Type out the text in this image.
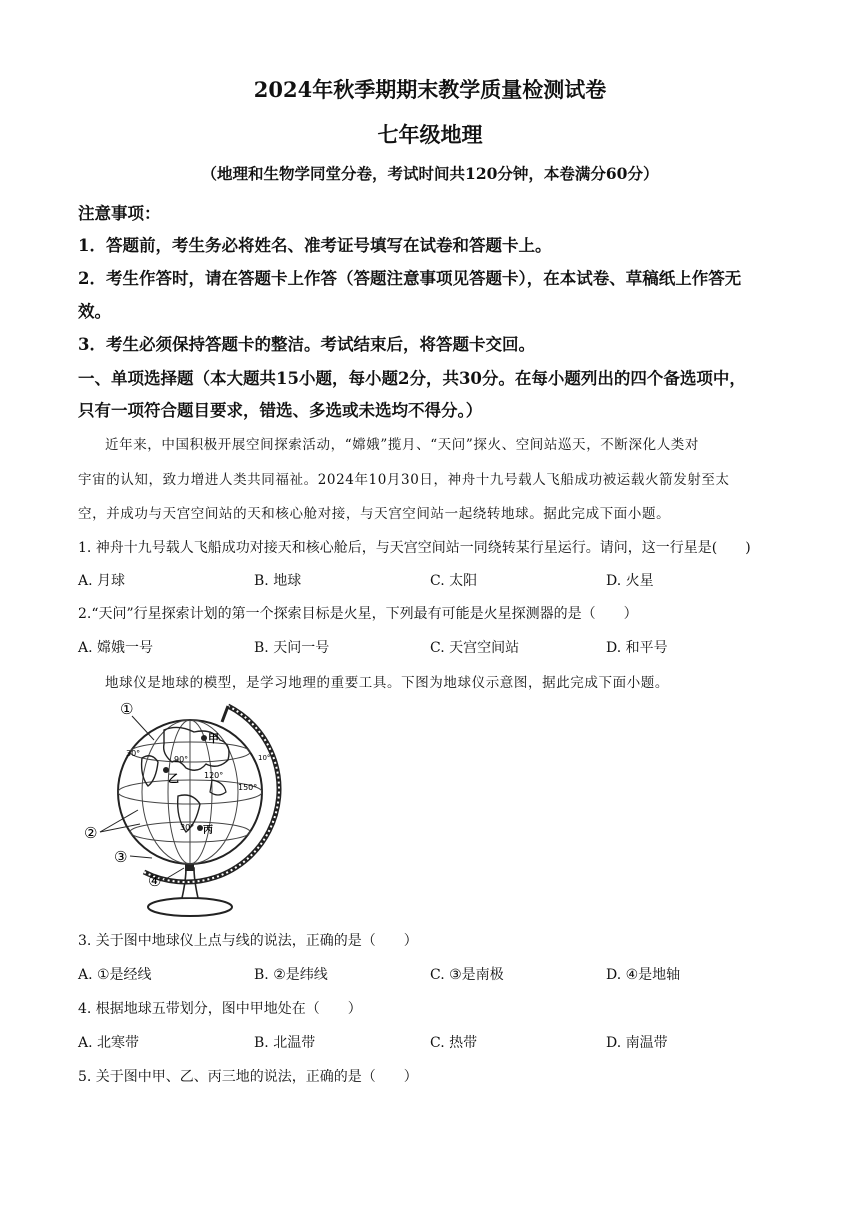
2024年秋季期期末教学质量检测试卷
七年级地理
（地理和生物学同堂分卷，考试时间共120分钟，本卷满分60分）
注意事项：
1．答题前，考生务必将姓名、准考证号填写在试卷和答题卡上。
2．考生作答时，请在答题卡上作答（答题注意事项见答题卡），在本试卷、草稿纸上作答无
效。
3．考生必须保持答题卡的整洁。考试结束后，将答题卡交回。
一、单项选择题（本大题共15小题，每小题2分，共30分。在每小题列出的四个备选项中，
只有一项符合题目要求，错选、多选或未选均不得分。）
近年来，中国积极开展空间探索活动，“嫦娥”揽月、“天问”探火、空间站巡天，不断深化人类对
宇宙的认知，致力增进人类共同福祉。2024年10月30日，神舟十九号载人飞船成功被运载火箭发射至太
空，并成功与天宫空间站的天和核心舱对接，与天宫空间站一起绕转地球。据此完成下面小题。
1. 神舟十九号载人飞船成功对接天和核心舱后，与天宫空间站一同绕转某行星运行。请问，这一行星是(　　)
A. 月球	B. 地球	C. 太阳	D. 火星
2.“天问”行星探索计划的第一个探索目标是火星，下列最有可能是火星探测器的是（　　）
A. 嫦娥一号	B. 天问一号	C. 天宫空间站	D. 和平号
地球仪是地球的模型，是学习地理的重要工具。下图为地球仪示意图，据此完成下面小题。
甲
乙
丙
30°
90°
120°
150°
30°
10°
①
②
③
④
3. 关于图中地球仪上点与线的说法，正确的是（　　）
A. ①是经线	B. ②是纬线	C. ③是南极	D. ④是地轴
4. 根据地球五带划分，图中甲地处在（　　）
A. 北寒带	B. 北温带	C. 热带	D. 南温带
5. 关于图中甲、乙、丙三地的说法，正确的是（　　）
